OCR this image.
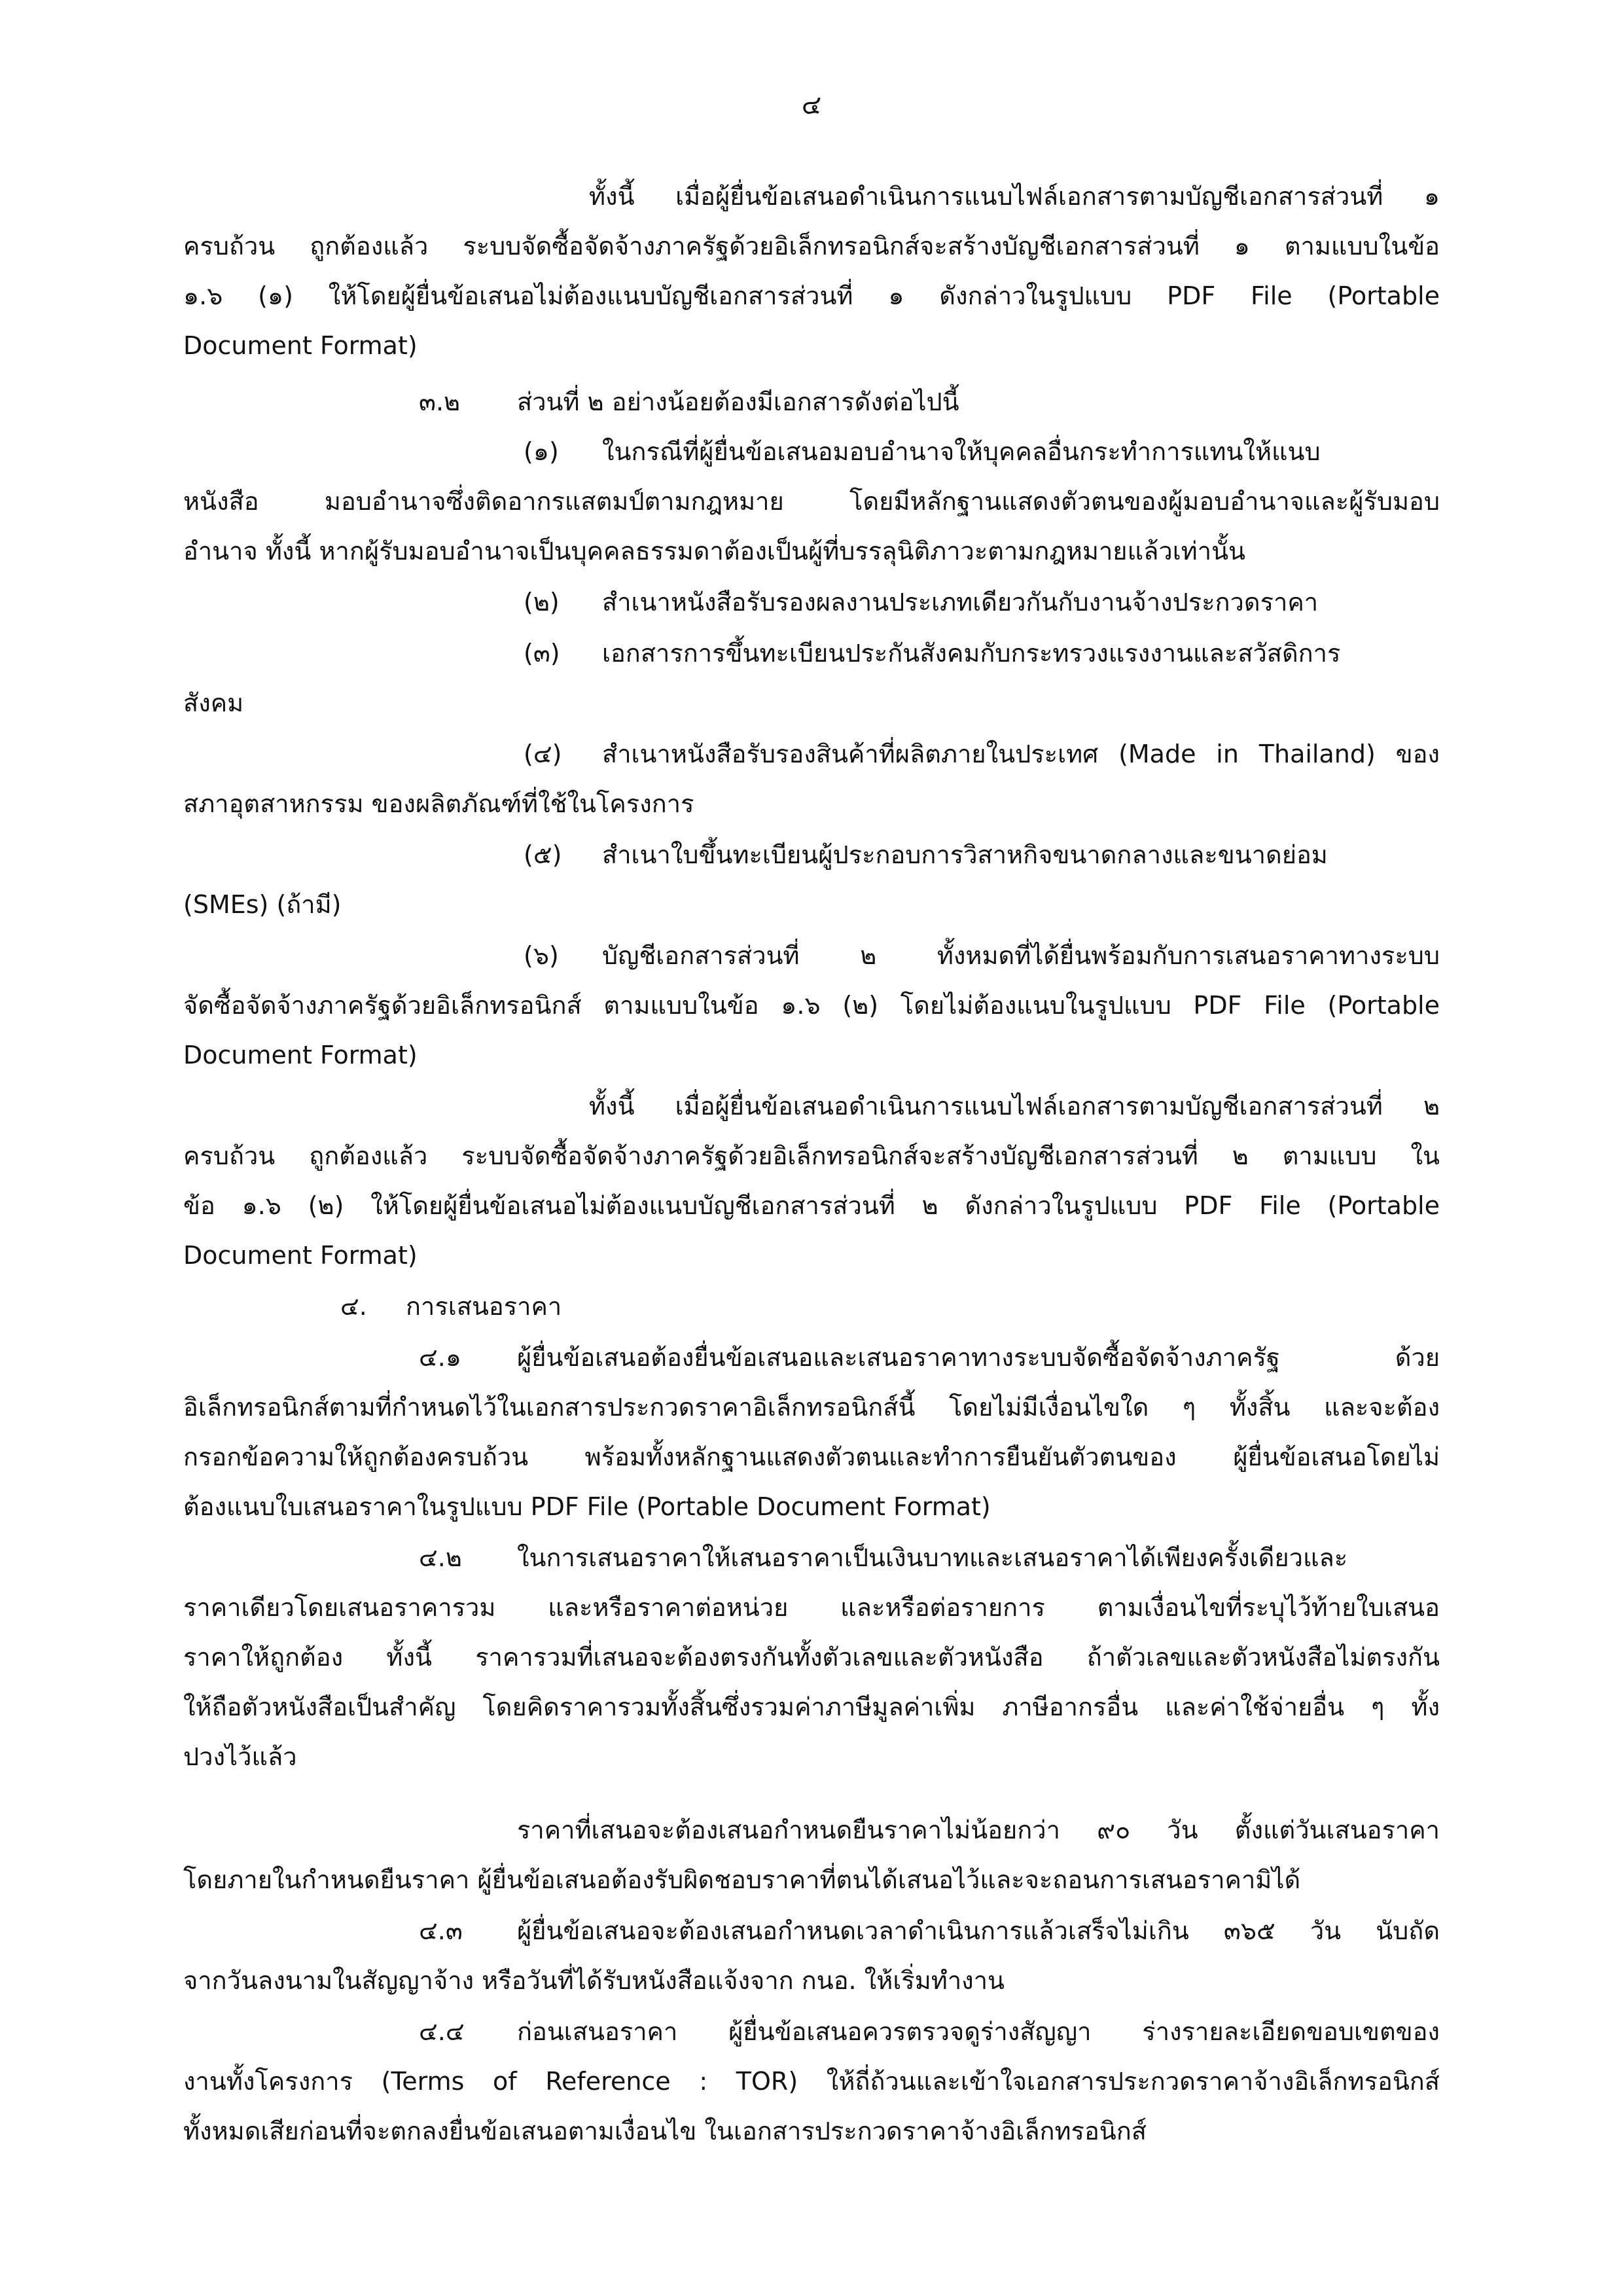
๔
ทั้งนี้ เมื่อผู้ยื่นข้อเสนอดำเนินการแนบไฟล์เอกสารตามบัญชีเอกสารส่วนที่ ๑
ครบถ้วน ถูกต้องแล้ว ระบบจัดซื้อจัดจ้างภาครัฐด้วยอิเล็กทรอนิกส์จะสร้างบัญชีเอกสารส่วนที่ ๑ ตามแบบในข้อ
๑.๖ (๑) ให้โดยผู้ยื่นข้อเสนอไม่ต้องแนบบัญชีเอกสารส่วนที่ ๑ ดังกล่าวในรูปแบบ PDF File (Portable
Document Format)
๓.๒ ส่วนที่ ๒ อย่างน้อยต้องมีเอกสารดังต่อไปนี้
(๑) ในกรณีที่ผู้ยื่นข้อเสนอมอบอำนาจให้บุคคลอื่นกระทำการแทนให้แนบ
หนังสือ มอบอำนาจซึ่งติดอากรแสตมป์ตามกฎหมาย โดยมีหลักฐานแสดงตัวตนของผู้มอบอำนาจและผู้รับมอบ
อำนาจ ทั้งนี้ หากผู้รับมอบอำนาจเป็นบุคคลธรรมดาต้องเป็นผู้ที่บรรลุนิติภาวะตามกฎหมายแล้วเท่านั้น
(๒) สำเนาหนังสือรับรองผลงานประเภทเดียวกันกับงานจ้างประกวดราคา
(๓) เอกสารการขึ้นทะเบียนประกันสังคมกับกระทรวงแรงงานและสวัสดิการ
สังคม
(๔) สำเนาหนังสือรับรองสินค้าที่ผลิตภายในประเทศ (Made in Thailand) ของ
สภาอุตสาหกรรม ของผลิตภัณฑ์ที่ใช้ในโครงการ
(๕) สำเนาใบขึ้นทะเบียนผู้ประกอบการวิสาหกิจขนาดกลางและขนาดย่อม
(SMEs) (ถ้ามี)
(๖) บัญชีเอกสารส่วนที่ ๒ ทั้งหมดที่ได้ยื่นพร้อมกับการเสนอราคาทางระบบ
จัดซื้อจัดจ้างภาครัฐด้วยอิเล็กทรอนิกส์ ตามแบบในข้อ ๑.๖ (๒) โดยไม่ต้องแนบในรูปแบบ PDF File (Portable
Document Format)
ทั้งนี้ เมื่อผู้ยื่นข้อเสนอดำเนินการแนบไฟล์เอกสารตามบัญชีเอกสารส่วนที่ ๒
ครบถ้วน ถูกต้องแล้ว ระบบจัดซื้อจัดจ้างภาครัฐด้วยอิเล็กทรอนิกส์จะสร้างบัญชีเอกสารส่วนที่ ๒ ตามแบบ ใน
ข้อ ๑.๖ (๒) ให้โดยผู้ยื่นข้อเสนอไม่ต้องแนบบัญชีเอกสารส่วนที่ ๒ ดังกล่าวในรูปแบบ PDF File (Portable
Document Format)
๔. การเสนอราคา
๔.๑ ผู้ยื่นข้อเสนอต้องยื่นข้อเสนอและเสนอราคาทางระบบจัดซื้อจัดจ้างภาครัฐ ด้วย
อิเล็กทรอนิกส์ตามที่กำหนดไว้ในเอกสารประกวดราคาอิเล็กทรอนิกส์นี้ โดยไม่มีเงื่อนไขใด ๆ ทั้งสิ้น และจะต้อง
กรอกข้อความให้ถูกต้องครบถ้วน พร้อมทั้งหลักฐานแสดงตัวตนและทำการยืนยันตัวตนของ ผู้ยื่นข้อเสนอโดยไม่
ต้องแนบใบเสนอราคาในรูปแบบ PDF File (Portable Document Format)
๔.๒ ในการเสนอราคาให้เสนอราคาเป็นเงินบาทและเสนอราคาได้เพียงครั้งเดียวและ
ราคาเดียวโดยเสนอราคารวม และหรือราคาต่อหน่วย และหรือต่อรายการ ตามเงื่อนไขที่ระบุไว้ท้ายใบเสนอ
ราคาให้ถูกต้อง ทั้งนี้ ราคารวมที่เสนอจะต้องตรงกันทั้งตัวเลขและตัวหนังสือ ถ้าตัวเลขและตัวหนังสือไม่ตรงกัน
ให้ถือตัวหนังสือเป็นสำคัญ โดยคิดราคารวมทั้งสิ้นซึ่งรวมค่าภาษีมูลค่าเพิ่ม ภาษีอากรอื่น และค่าใช้จ่ายอื่น ๆ ทั้ง
ปวงไว้แล้ว
ราคาที่เสนอจะต้องเสนอกำหนดยืนราคาไม่น้อยกว่า ๙๐ วัน ตั้งแต่วันเสนอราคา
โดยภายในกำหนดยืนราคา ผู้ยื่นข้อเสนอต้องรับผิดชอบราคาที่ตนได้เสนอไว้และจะถอนการเสนอราคามิได้
๔.๓ ผู้ยื่นข้อเสนอจะต้องเสนอกำหนดเวลาดำเนินการแล้วเสร็จไม่เกิน ๓๖๕ วัน นับถัด
จากวันลงนามในสัญญาจ้าง หรือวันที่ได้รับหนังสือแจ้งจาก กนอ. ให้เริ่มทำงาน
๔.๔ ก่อนเสนอราคา ผู้ยื่นข้อเสนอควรตรวจดูร่างสัญญา ร่างรายละเอียดขอบเขตของ
งานทั้งโครงการ (Terms of Reference : TOR) ให้ถี่ถ้วนและเข้าใจเอกสารประกวดราคาจ้างอิเล็กทรอนิกส์
ทั้งหมดเสียก่อนที่จะตกลงยื่นข้อเสนอตามเงื่อนไข ในเอกสารประกวดราคาจ้างอิเล็กทรอนิกส์
